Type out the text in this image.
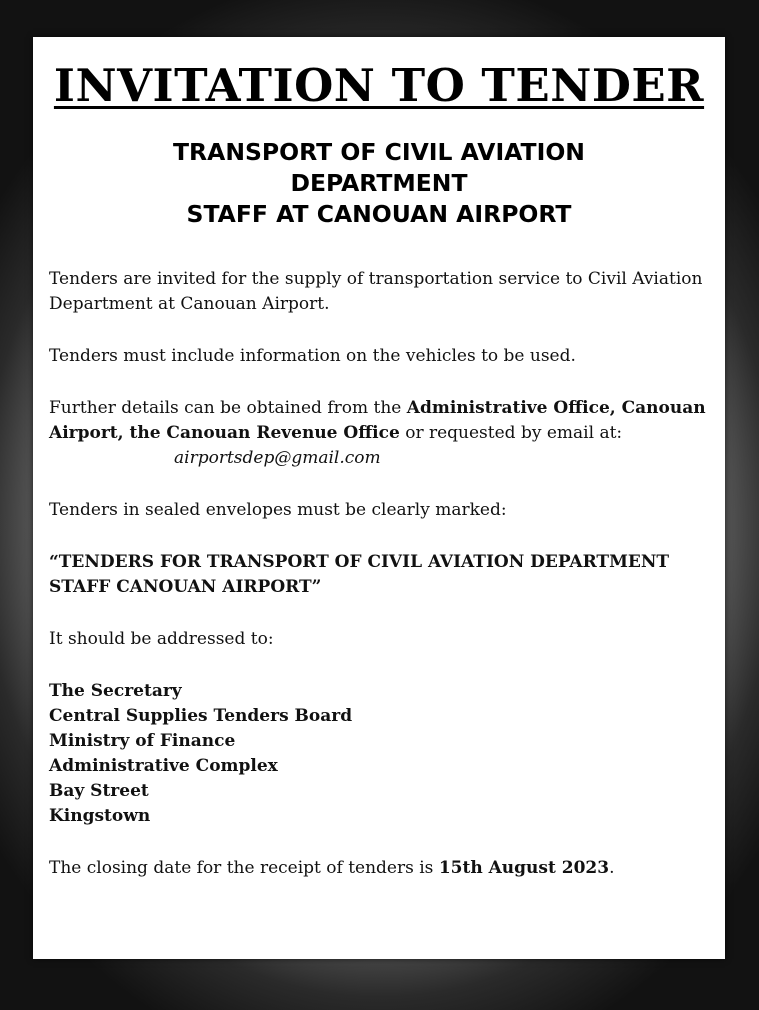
INVITATION TO TENDER
TRANSPORT OF CIVIL AVIATION
DEPARTMENT
STAFF AT CANOUAN AIRPORT

Tenders are invited for the supply of transportation service to Civil Aviation Department at Canouan Airport.

Tenders must include information on the vehicles to be used.

Further details can be obtained from the Administrative Office, Canouan Airport, the Canouan Revenue Office or requested by email at:
airportsdep@gmail.com

Tenders in sealed envelopes must be clearly marked:

“TENDERS FOR TRANSPORT OF CIVIL AVIATION DEPARTMENT STAFF CANOUAN AIRPORT”

It should be addressed to:

The Secretary
Central Supplies Tenders Board
Ministry of Finance
Administrative Complex
Bay Street
Kingstown

The closing date for the receipt of tenders is 15th August 2023.
